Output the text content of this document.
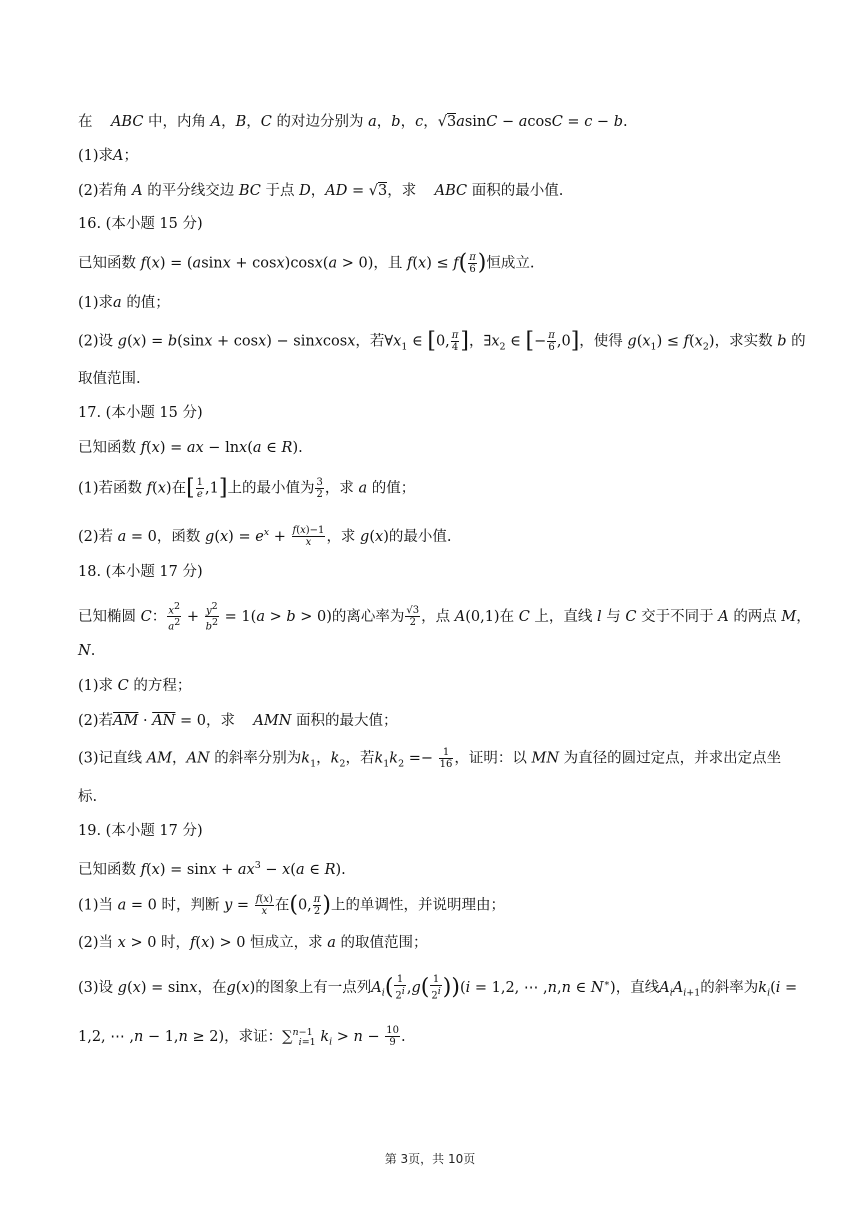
在 ABC 中，内角 A，B，C 的对边分别为 a，b，c，√3asinC − acosC = c − b.
(1)求A；
(2)若角 A 的平分线交边 BC 于点 D，AD = √3，求 ABC 面积的最小值.
16. (本小题 15 分)
已知函数 f(x) = (asinx + cosx)cosx(a > 0)，且 $f(x) \le f( \frac{\pi}{6}$ )恒成立.
(1)求a 的值；
(2)设 g(x) = b(sinx + cosx) − sinxcosx，若$\forall x_1$ ∈ [0, $\frac{\pi}{4}$ ]，$\exists x_2$ ∈ [− $\frac{\pi}{6} ,0$]，使得 $g(x_1) \le f(x_2)$，求实数 b 的
取值范围.
17. (本小题 15 分)
已知函数 f(x) = ax − lnx(a ∈ R).
(1)若函数 f(x)在[ $\frac{1}{e} ,1$]上的最小值为 $\frac{3}{2}$ ，求 a 的值；
(2)若 a = 0，函数 $g(x) = e^x + \frac{f(x)-1}{x}$ ，求 g(x)的最小值.
18. (本小题 17 分)
已知椭圆 C： $\frac{x^2}{a^2} + \frac{y^2}{b^2} = 1(a > b > 0)$的离心率为 $\frac{√3}{2}$ ，点 A(0,1)在 C 上，直线 l 与 C 交于不同于 A 的两点 M，
N.
(1)求 C 的方程；
(2)若$\overline{AM} \cdot \overline{AN} = 0$，求 AMN 面积的最大值；
(3)记直线 AM，AN 的斜率分别为$k_1$，$k_2$，若$k_1k_2 =- \frac{1}{16}$ ，证明：以 MN 为直径的圆过定点，并求出定点坐
标.
19. (本小题 17 分)
已知函数 $f(x) = \sin x + ax^3 - x(a$ ∈ R).
(1)当 a = 0 时，判断 $y = \frac{f(x)}{x}$ 在(0, $\frac{\pi}{2}$ )上的单调性，并说明理由；
(2)当 x > 0 时，f(x) > 0 恒成立，求 a 的取值范围；
(3)设 g(x) = sinx，在g(x)的图象上有一点列$A_i( \frac{1}{2^i} ,g( \frac{1}{2^i} ))(i = 1,2$, ⋯ ,n,n ∈ N∗)，直线$A_iA_{i+1}$的斜率为$k_i(i$ =
1,2, ⋯ ,n − 1,n ≥ 2)，求证：∑$^{n-1}_{i=1}$ $k_i > n - \frac{10}{9}$ .
第 3页，共 10页
